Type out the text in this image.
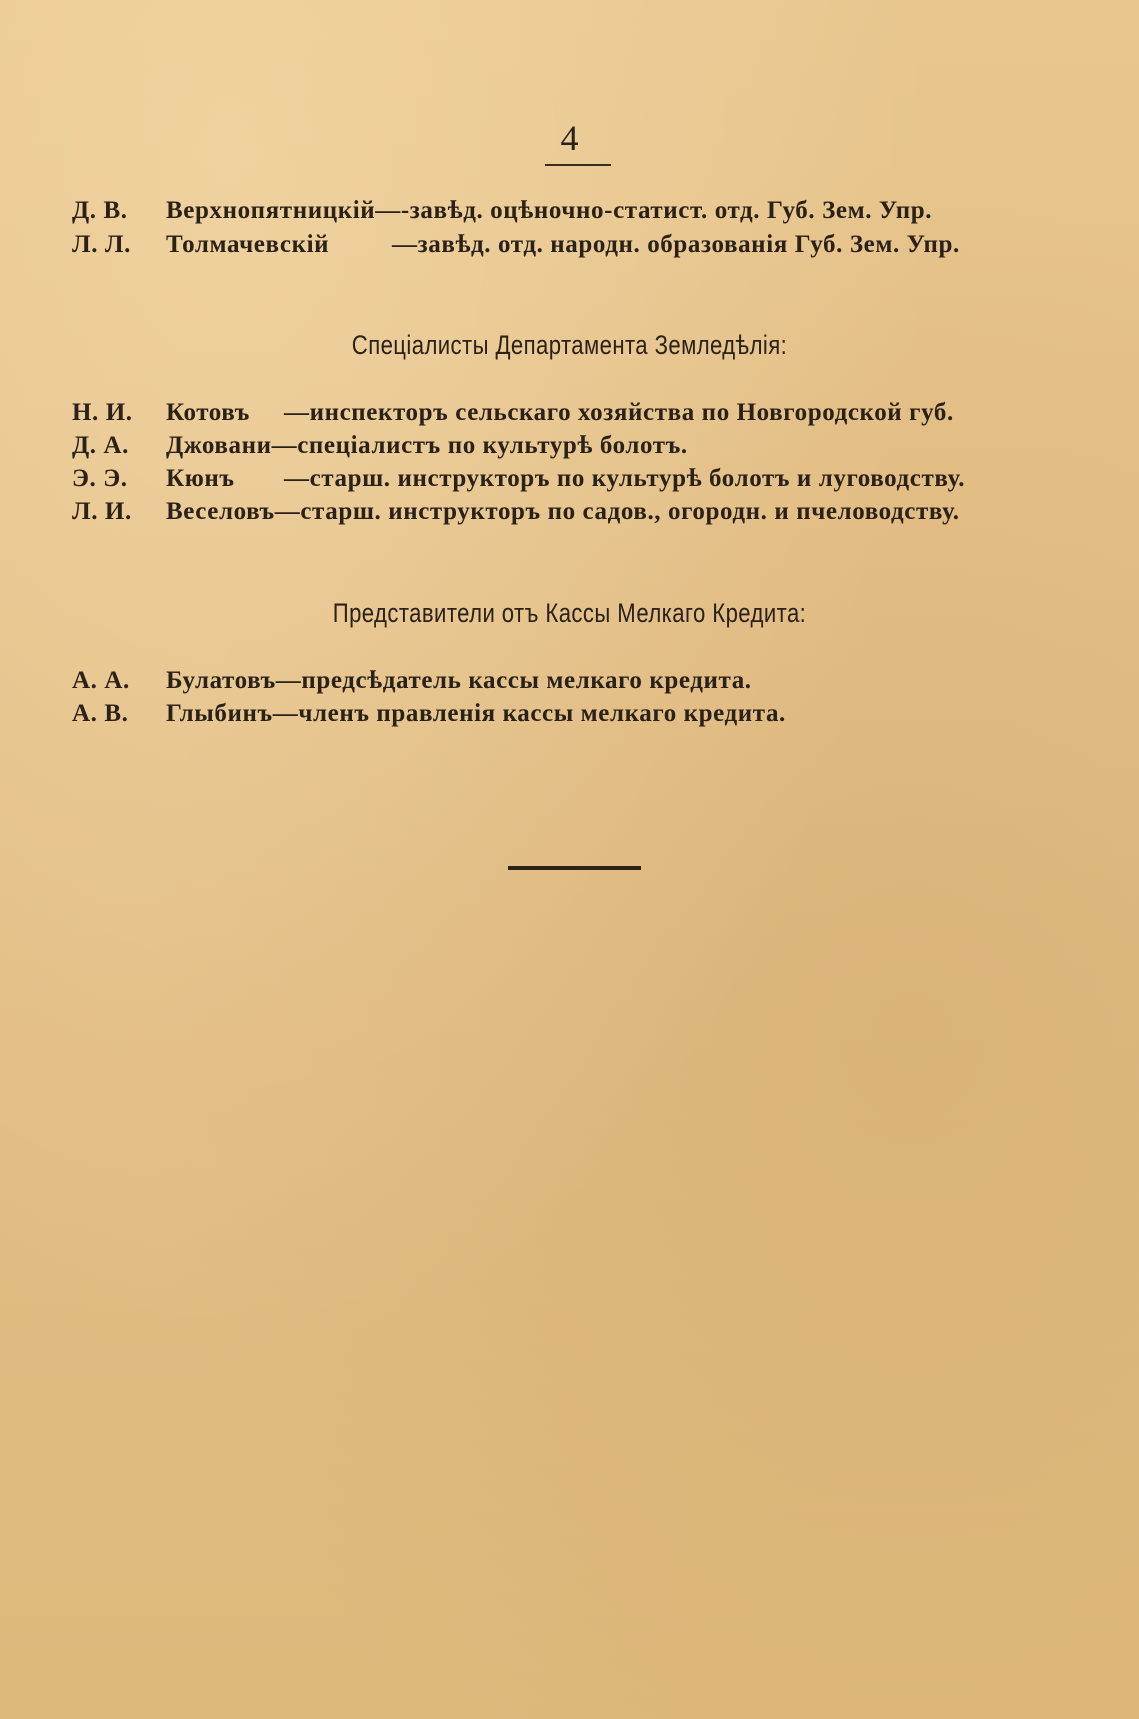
4
Д. В. Верхнопятницкій—-завѣд. оцѣночно-статист. отд. Губ. Зем. Упр.
Л. Л. Толмачевскій	—завѣд. отд. народн. образованія Губ. Зем. Упр.
Спеціалисты Департамента Земледѣлія:
Н. И. Котовъ —инспекторъ сельскаго хозяйства по Новгородской губ.
Д. А. Джовани—спеціалистъ по культурѣ болотъ.
Э. Э. Кюнъ —старш. инструкторъ по культурѣ болотъ и луговодству.
Л. И. Веселовъ—старш. инструкторъ по садов., огородн. и пчеловодству.
Представители отъ Кассы Мелкаго Кредита:
А. А. Булатовъ—предсѣдатель кассы мелкаго кредита.
А. В. Глыбинъ—членъ правленія кассы мелкаго кредита.
